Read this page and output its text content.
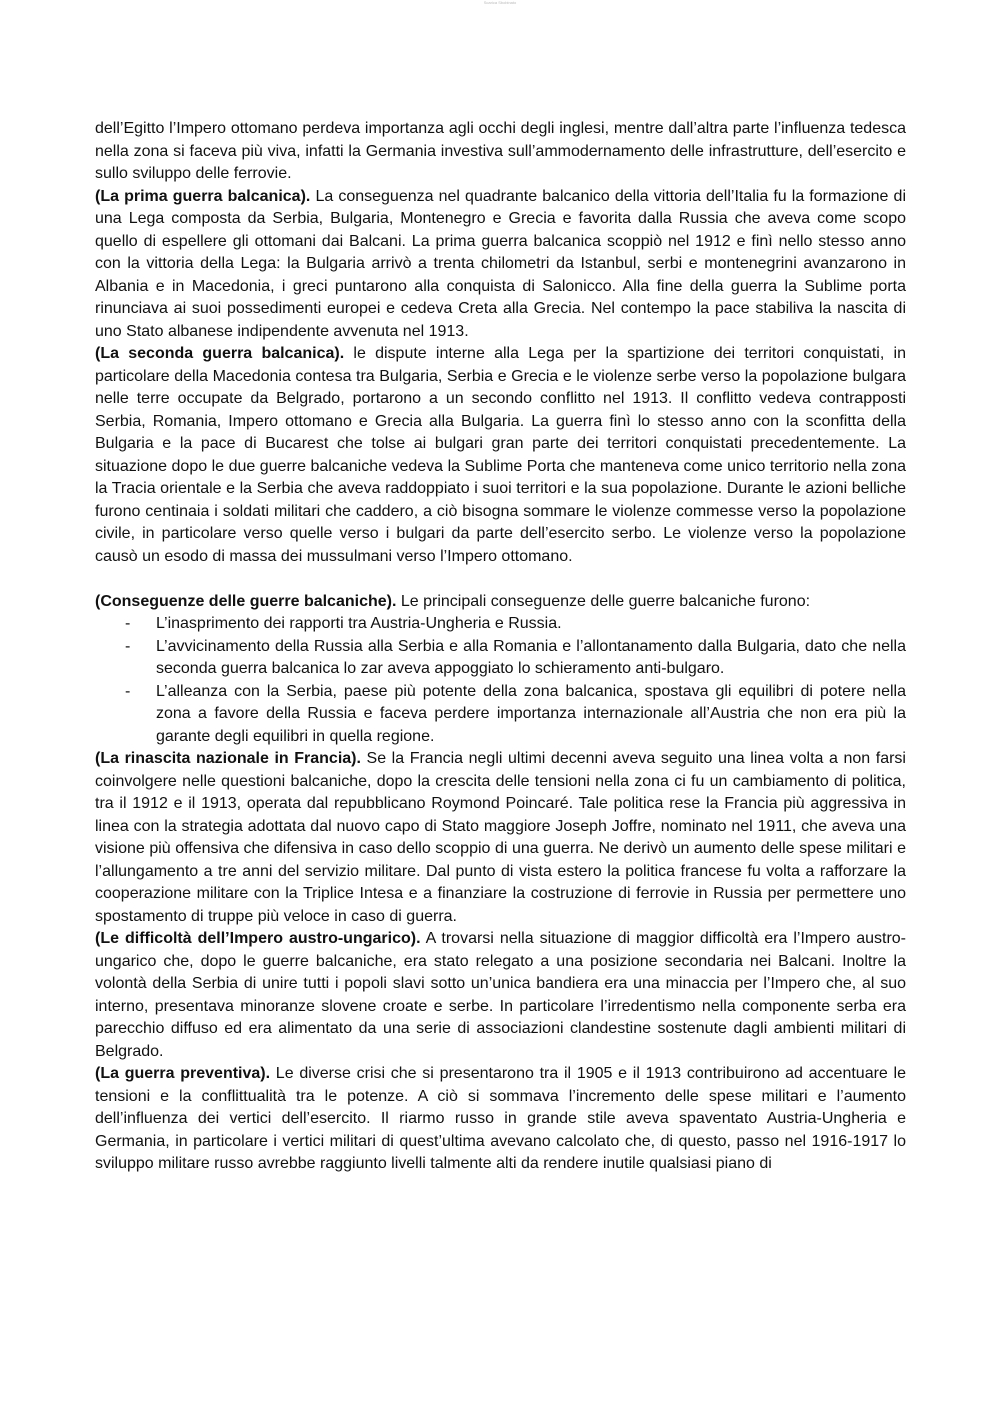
Scarica Sbobinato

dell’Egitto l’Impero ottomano perdeva importanza agli occhi degli inglesi, mentre dall’altra parte l’influenza tedesca nella zona si faceva più viva, infatti la Germania investiva sull’ammodernamento delle infrastrutture, dell’esercito e sullo sviluppo delle ferrovie.

(La prima guerra balcanica). La conseguenza nel quadrante balcanico della vittoria dell’Italia fu la formazione di una Lega composta da Serbia, Bulgaria, Montenegro e Grecia e favorita dalla Russia che aveva come scopo quello di espellere gli ottomani dai Balcani. La prima guerra balcanica scoppiò nel 1912 e finì nello stesso anno con la vittoria della Lega: la Bulgaria arrivò a trenta chilometri da Istanbul, serbi e montenegrini avanzarono in Albania e in Macedonia, i greci puntarono alla conquista di Salonicco. Alla fine della guerra la Sublime porta rinunciava ai suoi possedimenti europei e cedeva Creta alla Grecia. Nel contempo la pace stabiliva la nascita di uno Stato albanese indipendente avvenuta nel 1913.

(La seconda guerra balcanica). le dispute interne alla Lega per la spartizione dei territori conquistati, in particolare della Macedonia contesa tra Bulgaria, Serbia e Grecia e le violenze serbe verso la popolazione bulgara nelle terre occupate da Belgrado, portarono a un secondo conflitto nel 1913. Il conflitto vedeva contrapposti Serbia, Romania, Impero ottomano e Grecia alla Bulgaria. La guerra finì lo stesso anno con la sconfitta della Bulgaria e la pace di Bucarest che tolse ai bulgari gran parte dei territori conquistati precedentemente. La situazione dopo le due guerre balcaniche vedeva la Sublime Porta che manteneva come unico territorio nella zona la Tracia orientale e la Serbia che aveva raddoppiato i suoi territori e la sua popolazione. Durante le azioni belliche furono centinaia i soldati militari che caddero, a ciò bisogna sommare le violenze commesse verso la popolazione civile, in particolare verso quelle verso i bulgari da parte dell’esercito serbo. Le violenze verso la popolazione causò un esodo di massa dei mussulmani verso l’Impero ottomano.

(Conseguenze delle guerre balcaniche). Le principali conseguenze delle guerre balcaniche furono:

- L’inasprimento dei rapporti tra Austria-Ungheria e Russia.
- L’avvicinamento della Russia alla Serbia e alla Romania e l’allontanamento dalla Bulgaria, dato che nella seconda guerra balcanica lo zar aveva appoggiato lo schieramento anti-bulgaro.
- L’alleanza con la Serbia, paese più potente della zona balcanica, spostava gli equilibri di potere nella zona a favore della Russia e faceva perdere importanza internazionale all’Austria che non era più la garante degli equilibri in quella regione.

(La rinascita nazionale in Francia). Se la Francia negli ultimi decenni aveva seguito una linea volta a non farsi coinvolgere nelle questioni balcaniche, dopo la crescita delle tensioni nella zona ci fu un cambiamento di politica, tra il 1912 e il 1913, operata dal repubblicano Roymond Poincaré. Tale politica rese la Francia più aggressiva in linea con la strategia adottata dal nuovo capo di Stato maggiore Joseph Joffre, nominato nel 1911, che aveva una visione più offensiva che difensiva in caso dello scoppio di una guerra. Ne derivò un aumento delle spese militari e l’allungamento a tre anni del servizio militare. Dal punto di vista estero la politica francese fu volta a rafforzare la cooperazione militare con la Triplice Intesa e a finanziare la costruzione di ferrovie in Russia per permettere uno spostamento di truppe più veloce in caso di guerra.

(Le difficoltà dell’Impero austro-ungarico). A trovarsi nella situazione di maggior difficoltà era l’Impero austro-ungarico che, dopo le guerre balcaniche, era stato relegato a una posizione secondaria nei Balcani. Inoltre la volontà della Serbia di unire tutti i popoli slavi sotto un’unica bandiera era una minaccia per l’Impero che, al suo interno, presentava minoranze slovene croate e serbe. In particolare l’irredentismo nella componente serba era parecchio diffuso ed era alimentato da una serie di associazioni clandestine sostenute dagli ambienti militari di Belgrado.

(La guerra preventiva). Le diverse crisi che si presentarono tra il 1905 e il 1913 contribuirono ad accentuare le tensioni e la conflittualità tra le potenze. A ciò si sommava l’incremento delle spese militari e l’aumento dell’influenza dei vertici dell’esercito. Il riarmo russo in grande stile aveva spaventato Austria-Ungheria e Germania, in particolare i vertici militari di quest’ultima avevano calcolato che, di questo, passo nel 1916-1917 lo sviluppo militare russo avrebbe raggiunto livelli talmente alti da rendere inutile qualsiasi piano di
